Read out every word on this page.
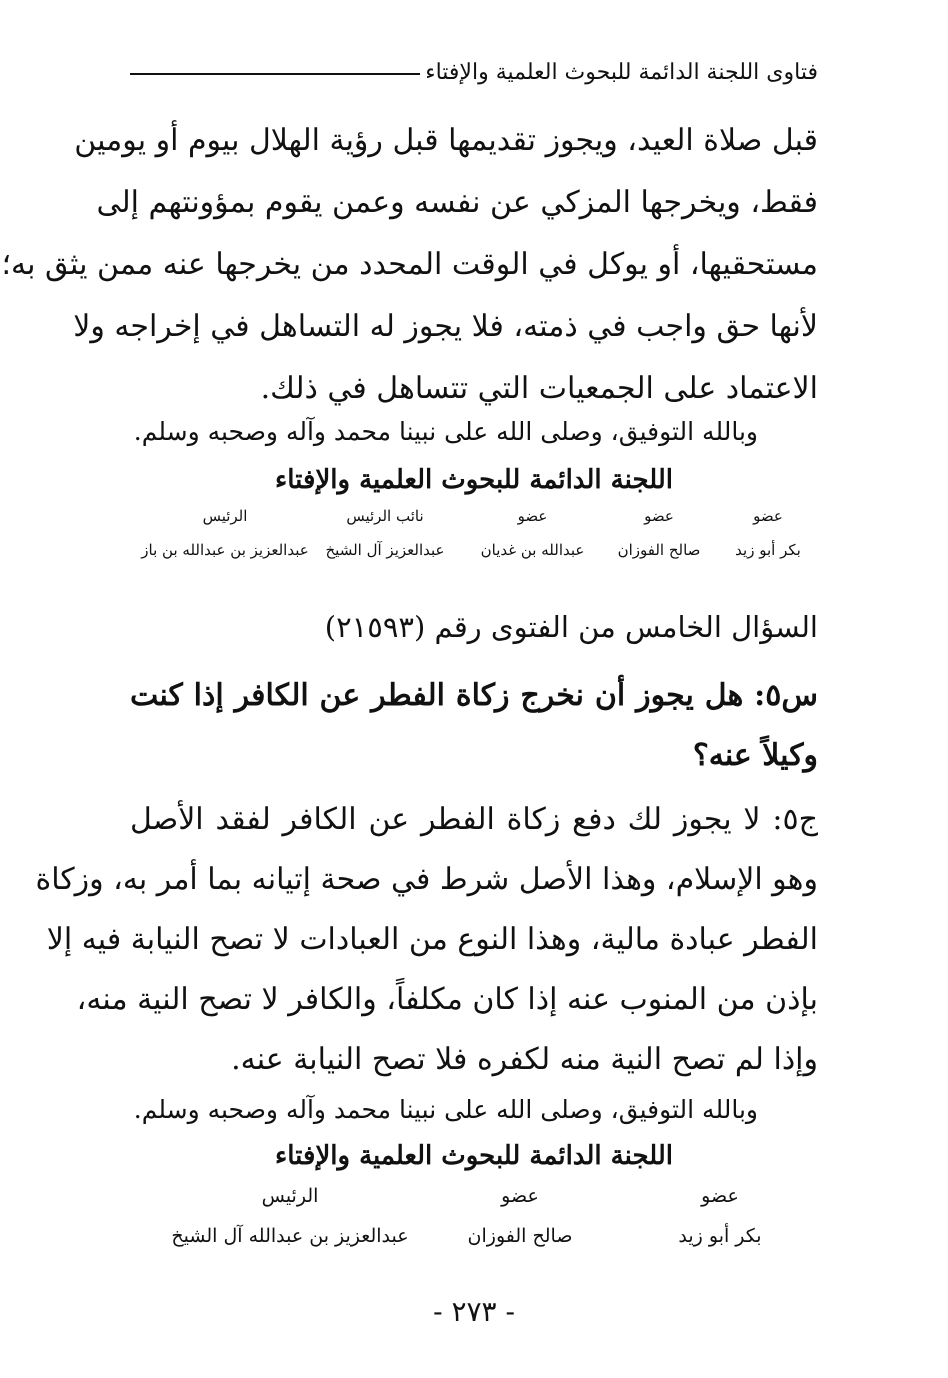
فتاوى اللجنة الدائمة للبحوث العلمية والإفتاء
قبل صلاة العيد، ويجوز تقديمها قبل رؤية الهلال بيوم أو يومين
فقط، ويخرجها المزكي عن نفسه وعمن يقوم بمؤونتهم إلى
مستحقيها، أو يوكل في الوقت المحدد من يخرجها عنه ممن يثق به؛
لأنها حق واجب في ذمته، فلا يجوز له التساهل في إخراجه ولا
الاعتماد على الجمعيات التي تتساهل في ذلك.
وبالله التوفيق، وصلى الله على نبينا محمد وآله وصحبه وسلم.
اللجنة الدائمة للبحوث العلمية والإفتاء
عضو
بكر أبو زيد
عضو
صالح الفوزان
عضو
عبدالله بن غديان
نائب الرئيس
عبدالعزيز آل الشيخ
الرئيس
عبدالعزيز بن عبدالله بن باز
السؤال الخامس من الفتوى رقم (٢١٥٩٣)
س٥: هل يجوز أن نخرج زكاة الفطر عن الكافر إذا كنت
وكيلاً عنه؟
ج٥: لا يجوز لك دفع زكاة الفطر عن الكافر لفقد الأصل
وهو الإسلام، وهذا الأصل شرط في صحة إتيانه بما أمر به، وزكاة
الفطر عبادة مالية، وهذا النوع من العبادات لا تصح النيابة فيه إلا
بإذن من المنوب عنه إذا كان مكلفاً، والكافر لا تصح النية منه،
وإذا لم تصح النية منه لكفره فلا تصح النيابة عنه.
وبالله التوفيق، وصلى الله على نبينا محمد وآله وصحبه وسلم.
اللجنة الدائمة للبحوث العلمية والإفتاء
عضو
بكر أبو زيد
عضو
صالح الفوزان
الرئيس
عبدالعزيز بن عبدالله آل الشيخ
- ٢٧٣ -
